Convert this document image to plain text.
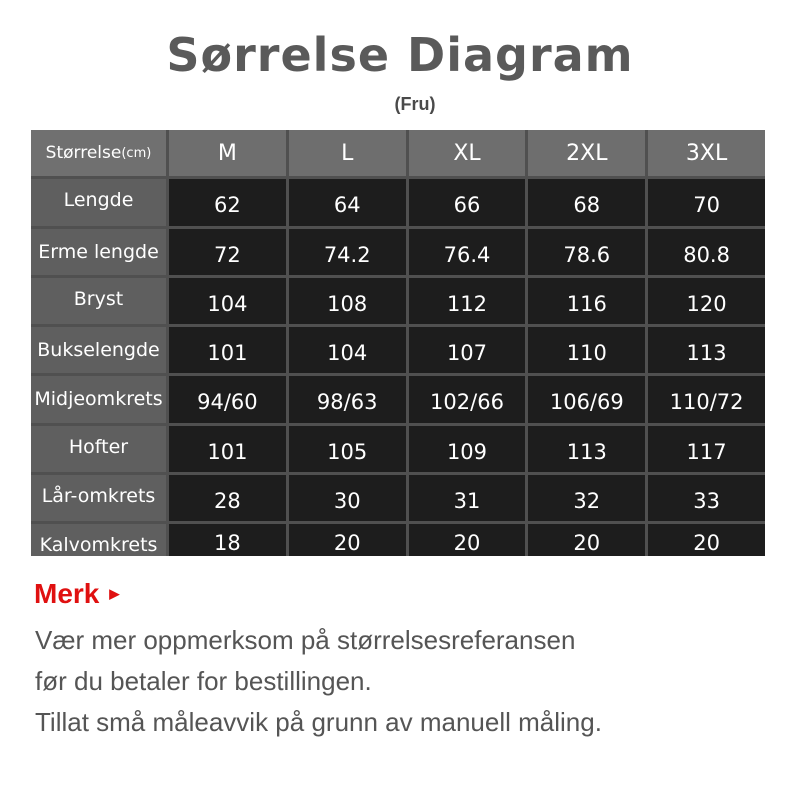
Sørrelse Diagram
(Fru)
Størrelse (cm)	M	L	XL	2XL	3XL
Lengde	62	64	66	68	70
Erme lengde	72	74.2	76.4	78.6	80.8
Bryst	104	108	112	116	120
Bukselengde	101	104	107	110	113
Midjeomkrets	94/60	98/63	102/66	106/69	110/72
Hofter	101	105	109	113	117
Lår-omkrets	28	30	31	32	33
Kalvomkrets	18	20	20	20	20
Merk ▶
Vær mer oppmerksom på størrelsesreferansen
før du betaler for bestillingen.
Tillat små måleavvik på grunn av manuell måling.
